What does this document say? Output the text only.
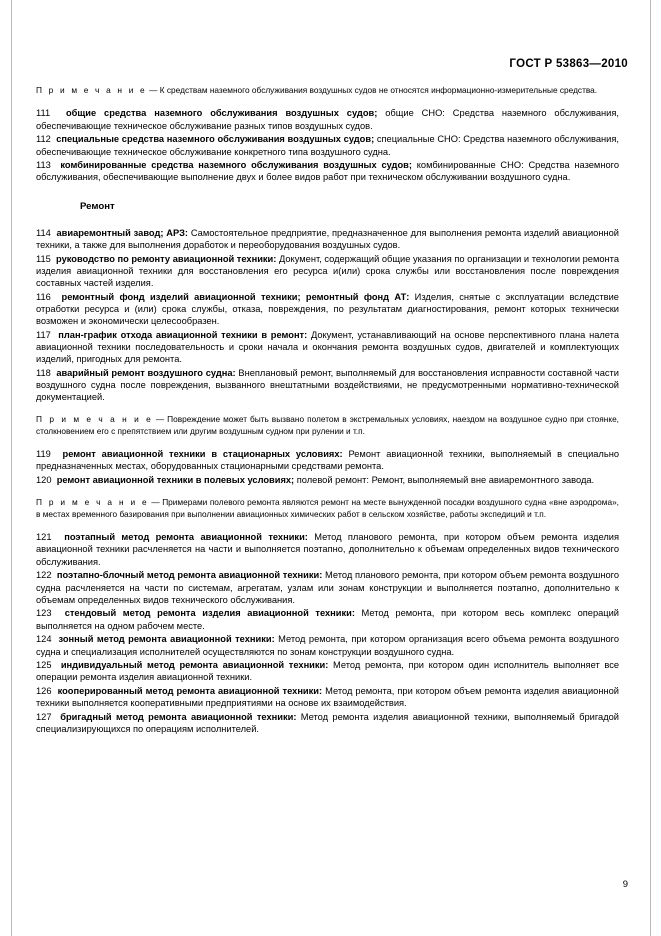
ГОСТ Р 53863—2010

П р и м е ч а н и е — К средствам наземного обслуживания воздушных судов не относятся информационно-измерительные средства.

111 общие средства наземного обслуживания воздушных судов; общие СНО: Средства наземного обслуживания, обеспечивающие техническое обслуживание разных типов воздушных судов.

112 специальные средства наземного обслуживания воздушных судов; специальные СНО: Средства наземного обслуживания, обеспечивающие техническое обслуживание конкретного типа воздушного судна.

113 комбинированные средства наземного обслуживания воздушных судов; комбинированные СНО: Средства наземного обслуживания, обеспечивающие выполнение двух и более видов работ при техническом обслуживании воздушного судна.

Ремонт

114 авиаремонтный завод; АРЗ: Самостоятельное предприятие, предназначенное для выполнения ремонта изделий авиационной техники, а также для выполнения доработок и переоборудования воздушных судов.

115 руководство по ремонту авиационной техники: Документ, содержащий общие указания по организации и технологии ремонта изделия авиационной техники для восстановления его ресурса и(или) срока службы или восстановления после повреждения составных частей изделия.

116 ремонтный фонд изделий авиационной техники; ремонтный фонд АТ: Изделия, снятые с эксплуатации вследствие отработки ресурса и (или) срока службы, отказа, повреждения, по результатам диагностирования, ремонт которых технически возможен и экономически целесообразен.

117 план-график отхода авиационной техники в ремонт: Документ, устанавливающий на основе перспективного плана налета авиационной техники последовательность и сроки начала и окончания ремонта воздушных судов, двигателей и комплектующих изделий, пригодных для ремонта.

118 аварийный ремонт воздушного судна: Внеплановый ремонт, выполняемый для восстановления исправности составной части воздушного судна после повреждения, вызванного внештатными воздействиями, не предусмотренными нормативно-технической документацией.

П р и м е ч а н и е — Повреждение может быть вызвано полетом в экстремальных условиях, наездом на воздушное судно при стоянке, столкновением его с препятствием или другим воздушным судном при рулении и т.п.

119 ремонт авиационной техники в стационарных условиях: Ремонт авиационной техники, выполняемый в специально предназначенных местах, оборудованных стационарными средствами ремонта.

120 ремонт авиационной техники в полевых условиях; полевой ремонт: Ремонт, выполняемый вне авиаремонтного завода.

П р и м е ч а н и е — Примерами полевого ремонта являются ремонт на месте вынужденной посадки воздушного судна «вне аэродрома», в местах временного базирования при выполнении авиационных химических работ в сельском хозяйстве, работы экспедиций и т.п.

121 поэтапный метод ремонта авиационной техники: Метод планового ремонта, при котором объем ремонта изделия авиационной техники расчленяется на части и выполняется поэтапно, дополнительно к объемам определенных видов технического обслуживания.

122 поэтапно-блочный метод ремонта авиационной техники: Метод планового ремонта, при котором объем ремонта воздушного судна расчленяется на части по системам, агрегатам, узлам или зонам конструкции и выполняется поэтапно, дополнительно к объемам определенных видов технического обслуживания.

123 стендовый метод ремонта изделия авиационной техники: Метод ремонта, при котором весь комплекс операций выполняется на одном рабочем месте.

124 зонный метод ремонта авиационной техники: Метод ремонта, при котором организация всего объема ремонта воздушного судна и специализация исполнителей осуществляются по зонам конструкции воздушного судна.

125 индивидуальный метод ремонта авиационной техники: Метод ремонта, при котором один исполнитель выполняет все операции ремонта изделия авиационной техники.

126 кооперированный метод ремонта авиационной техники: Метод ремонта, при котором объем ремонта изделия авиационной техники выполняется кооперативными предприятиями на основе их взаимодействия.

127 бригадный метод ремонта авиационной техники: Метод ремонта изделия авиационной техники, выполняемый бригадой специализирующихся по операциям исполнителей.

9
